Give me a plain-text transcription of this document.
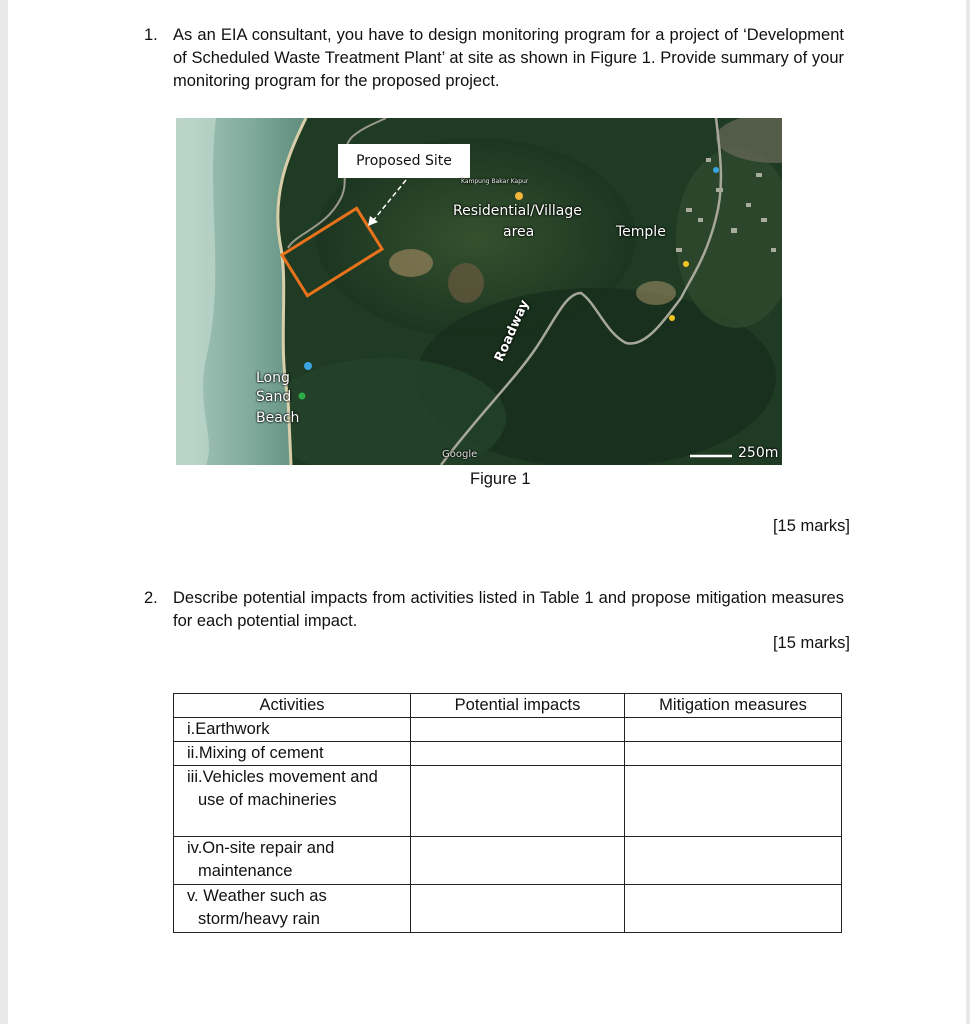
1. As an EIA consultant, you have to design monitoring program for a project of ‘Development of Scheduled Waste Treatment Plant’ at site as shown in Figure 1. Provide summary of your monitoring program for the proposed project.
Proposed Site
Kampung Bakar Kapur
Residential/Village
area	Temple
Long
Sand
Beach
Roadway
Google	250m
Figure 1
[15 marks]
2. Describe potential impacts from activities listed in Table 1 and propose mitigation measures for each potential impact.
[15 marks]
Activities	Potential impacts	Mitigation measures

i.Earthwork		

ii.Mixing of cement		

iii.Vehicles movement and
use of machineries		

iv.On-site repair and
maintenance		

v. Weather such as
storm/heavy rain		
